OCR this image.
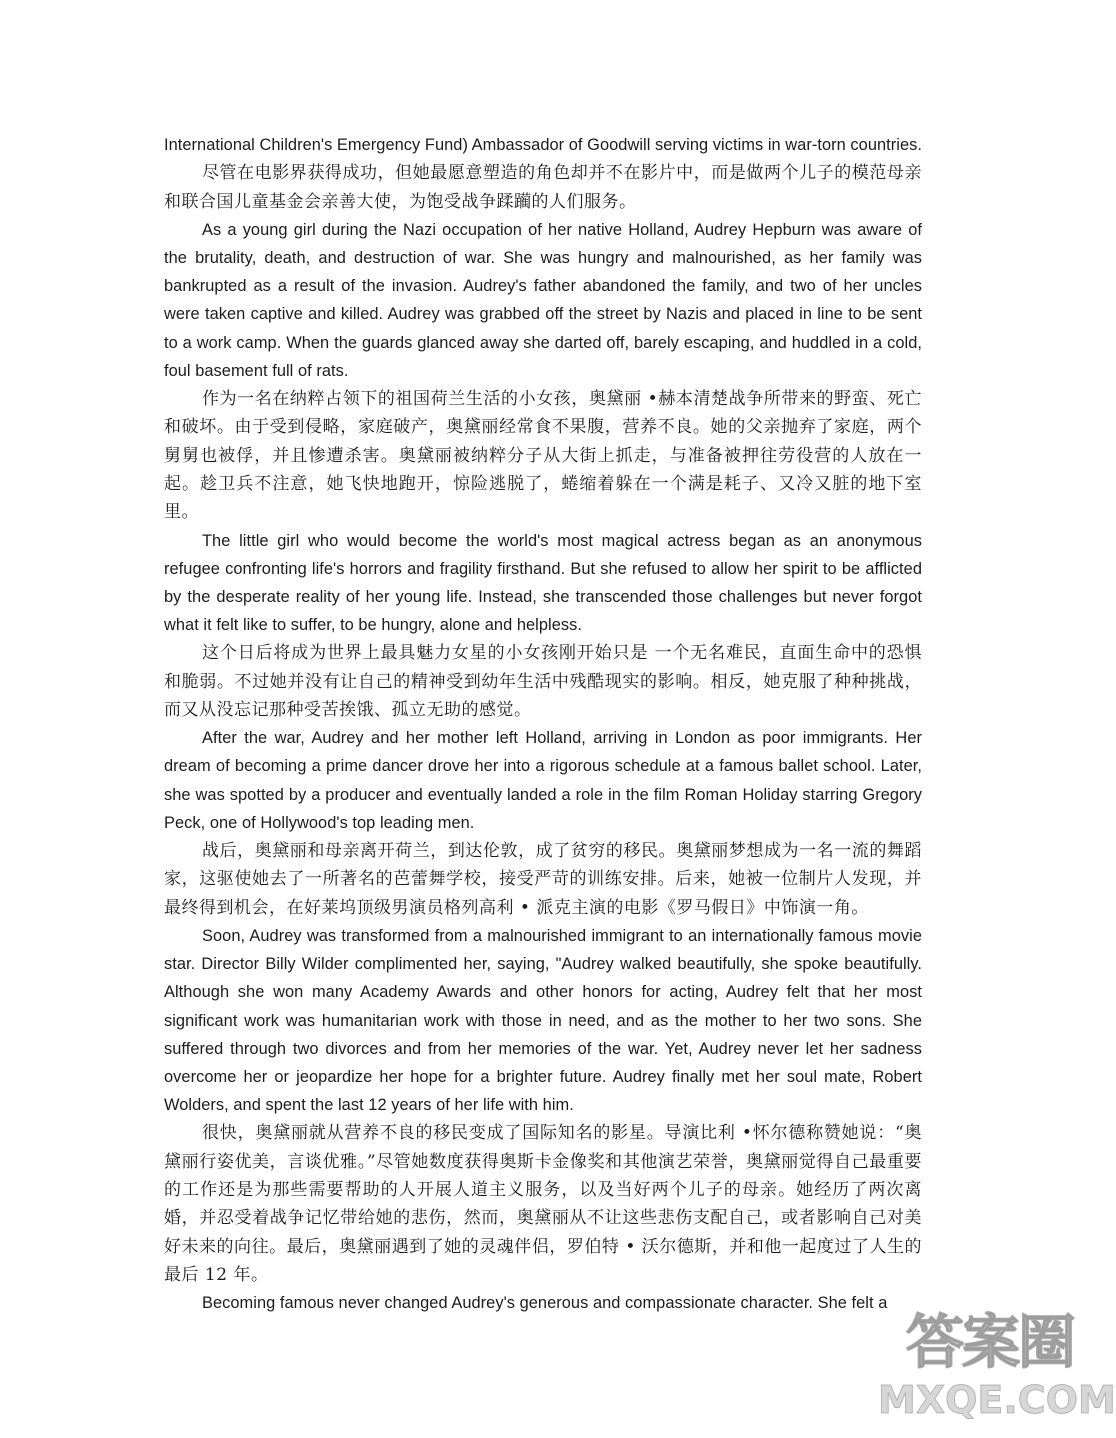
International Children's Emergency Fund) Ambassador of Goodwill serving victims in war-torn countries.

尽管在电影界获得成功，但她最愿意塑造的角色却并不在影片中，而是做两个儿子的模范母亲和联合国儿童基金会亲善大使，为饱受战争蹂躏的人们服务。

As a young girl during the Nazi occupation of her native Holland, Audrey Hepburn was aware of the brutality, death, and destruction of war. She was hungry and malnourished, as her family was bankrupted as a result of the invasion. Audrey's father abandoned the family, and two of her uncles were taken captive and killed. Audrey was grabbed off the street by Nazis and placed in line to be sent to a work camp. When the guards glanced away she darted off, barely escaping, and huddled in a cold, foul basement full of rats.

作为一名在纳粹占领下的祖国荷兰生活的小女孩，奥黛丽 •赫本清楚战争所带来的野蛮、死亡和破坏。由于受到侵略，家庭破产，奥黛丽经常食不果腹，营养不良。她的父亲抛弃了家庭，两个舅舅也被俘，并且惨遭杀害。奥黛丽被纳粹分子从大街上抓走，与准备被押往劳役营的人放在一起。趁卫兵不注意，她飞快地跑开，惊险逃脱了，蜷缩着躲在一个满是耗子、又冷又脏的地下室里。

The little girl who would become the world's most magical actress began as an anonymous refugee confronting life's horrors and fragility firsthand. But she refused to allow her spirit to be afflicted by the desperate reality of her young life. Instead, she transcended those challenges but never forgot what it felt like to suffer, to be hungry, alone and helpless.

这个日后将成为世界上最具魅力女星的小女孩刚开始只是 一个无名难民，直面生命中的恐惧和脆弱。不过她并没有让自己的精神受到幼年生活中残酷现实的影响。相反，她克服了种种挑战，而又从没忘记那种受苦挨饿、孤立无助的感觉。

After the war, Audrey and her mother left Holland, arriving in London as poor immigrants. Her dream of becoming a prime dancer drove her into a rigorous schedule at a famous ballet school. Later, she was spotted by a producer and eventually landed a role in the film Roman Holiday starring Gregory Peck, one of Hollywood's top leading men.

战后，奥黛丽和母亲离开荷兰，到达伦敦，成了贫穷的移民。奥黛丽梦想成为一名一流的舞蹈家，这驱使她去了一所著名的芭蕾舞学校，接受严苛的训练安排。后来，她被一位制片人发现，并最终得到机会，在好莱坞顶级男演员格列高利 • 派克主演的电影《罗马假日》中饰演一角。

Soon, Audrey was transformed from a malnourished immigrant to an internationally famous movie star. Director Billy Wilder complimented her, saying, "Audrey walked beautifully, she spoke beautifully. Although she won many Academy Awards and other honors for acting, Audrey felt that her most significant work was humanitarian work with those in need, and as the mother to her two sons. She suffered through two divorces and from her memories of the war. Yet, Audrey never let her sadness overcome her or jeopardize her hope for a brighter future. Audrey finally met her soul mate, Robert Wolders, and spent the last 12 years of her life with him.

很快，奥黛丽就从营养不良的移民变成了国际知名的影星。导演比利 •怀尔德称赞她说：“奥黛丽行姿优美，言谈优雅。”尽管她数度获得奥斯卡金像奖和其他演艺荣誉，奥黛丽觉得自己最重要的工作还是为那些需要帮助的人开展人道主义服务，以及当好两个儿子的母亲。她经历了两次离婚，并忍受着战争记忆带给她的悲伤，然而，奥黛丽从不让这些悲伤支配自己，或者影响自己对美好未来的向往。最后，奥黛丽遇到了她的灵魂伴侣，罗伯特 • 沃尔德斯，并和他一起度过了人生的最后 12 年。

Becoming famous never changed Audrey's generous and compassionate character. She felt a

答案圈
MXQE.COM
